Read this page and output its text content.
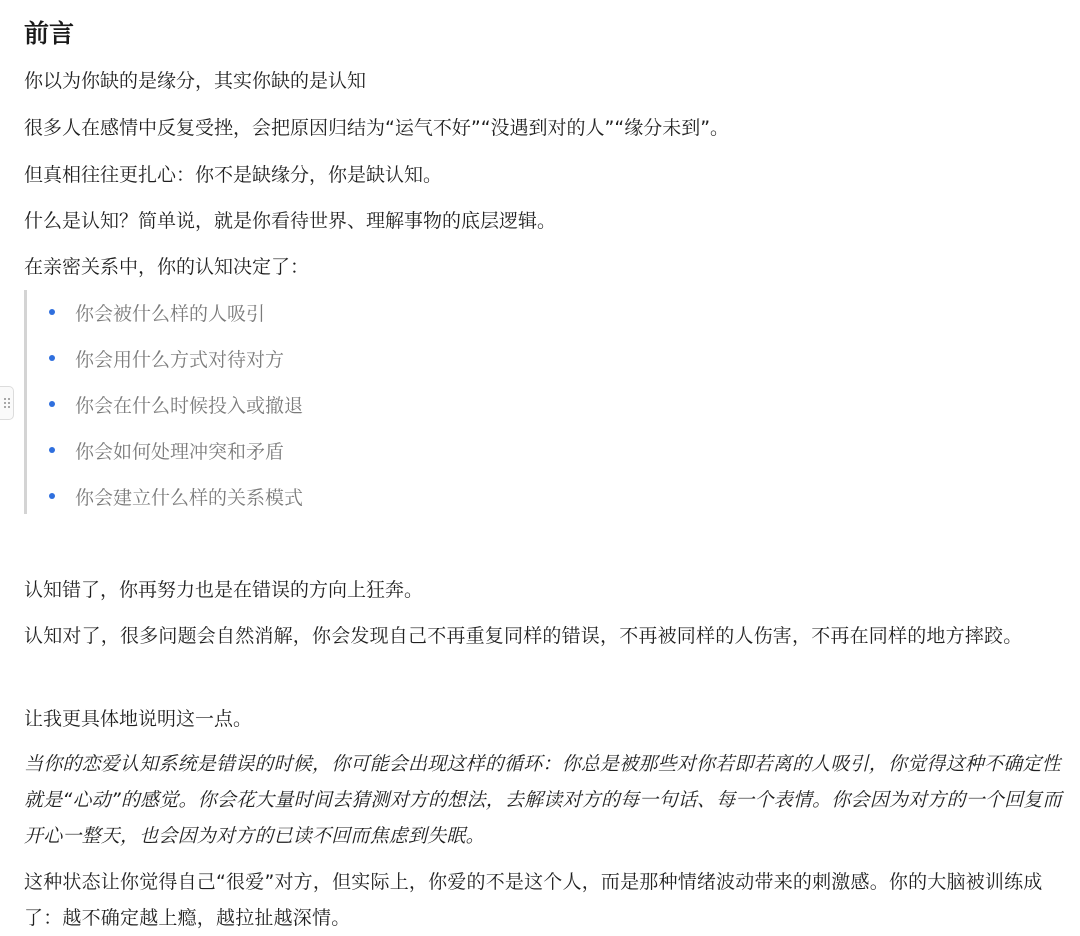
前言

你以为你缺的是缘分，其实你缺的是认知

很多人在感情中反复受挫，会把原因归结为“运气不好”“没遇到对的人”“缘分未到”。

但真相往往更扎心：你不是缺缘分，你是缺认知。

什么是认知？简单说，就是你看待世界、理解事物的底层逻辑。

在亲密关系中，你的认知决定了：

你会被什么样的人吸引
你会用什么方式对待对方
你会在什么时候投入或撤退
你会如何处理冲突和矛盾
你会建立什么样的关系模式

认知错了，你再努力也是在错误的方向上狂奔。

认知对了，很多问题会自然消解，你会发现自己不再重复同样的错误，不再被同样的人伤害，不再在同样的地方摔跤。

让我更具体地说明这一点。

当你的恋爱认知系统是错误的时候，你可能会出现这样的循环：你总是被那些对你若即若离的人吸引，你觉得这种不确定性就是“心动”的感觉。你会花大量时间去猜测对方的想法，去解读对方的每一句话、每一个表情。你会因为对方的一个回复而开心一整天，也会因为对方的已读不回而焦虑到失眠。

这种状态让你觉得自己“很爱”对方，但实际上，你爱的不是这个人，而是那种情绪波动带来的刺激感。你的大脑被训练成了：越不确定越上瘾，越拉扯越深情。
